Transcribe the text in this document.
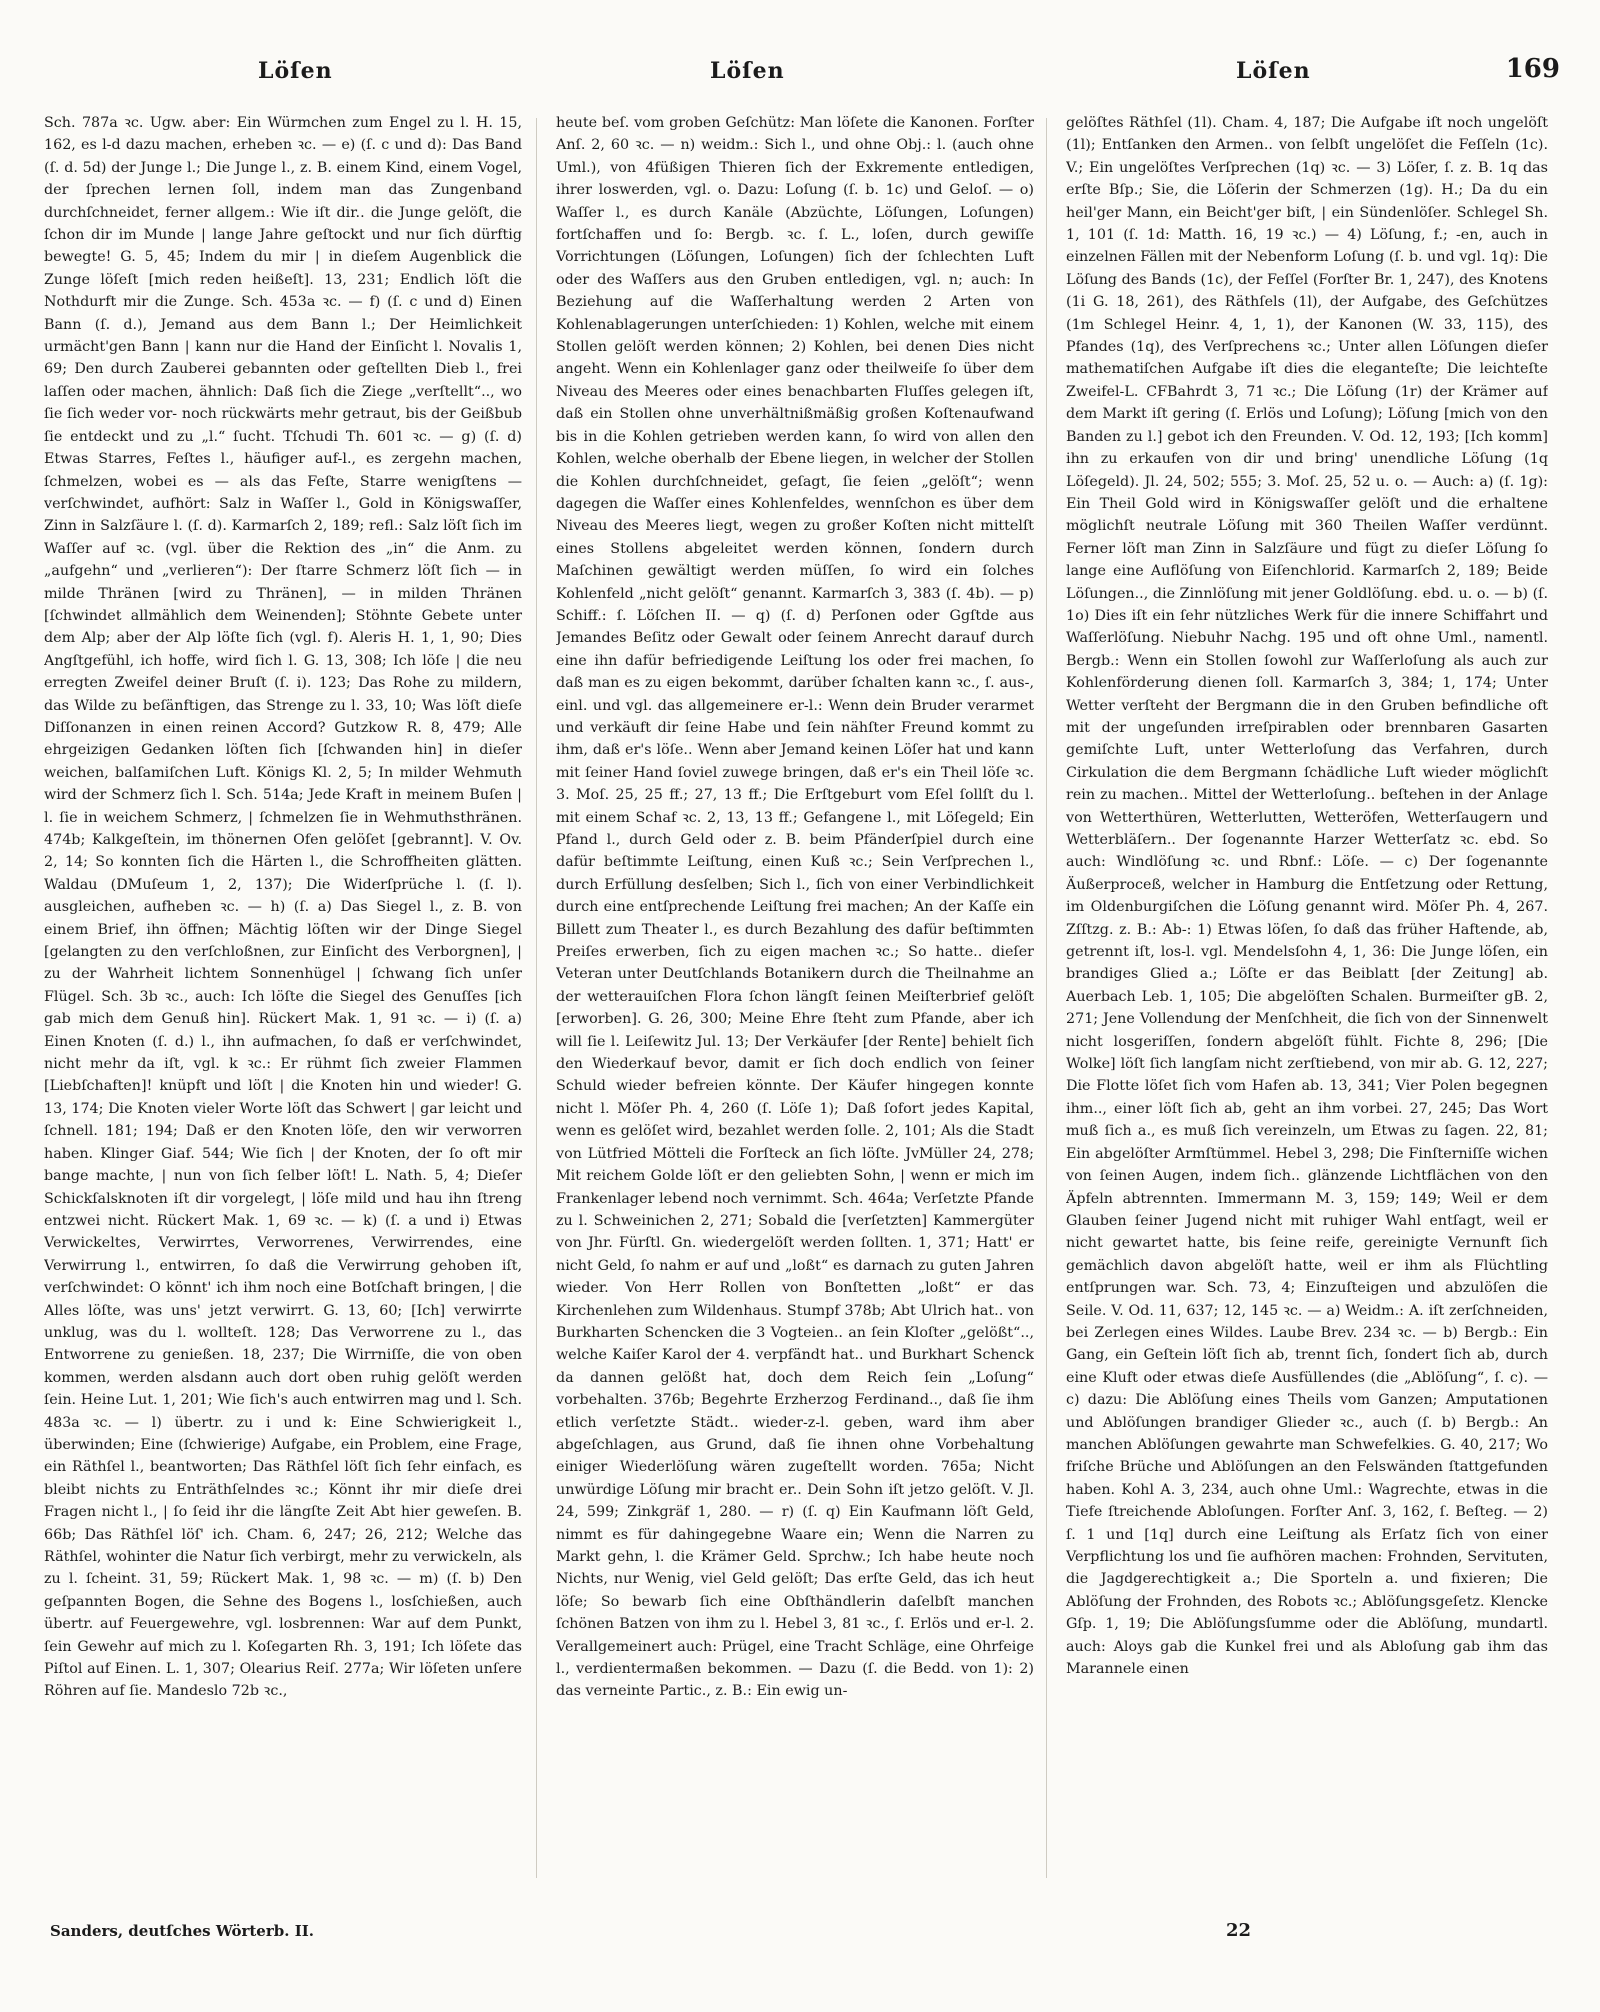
Löſen	Löſen	Löſen	169

Sch. 787a ꝛc. Ugw. aber: Ein Würmchen zum Engel zu l. H. 15, 162, es l-d dazu machen, erheben ꝛc. — e) (ſ. c und d): Das Band (ſ. d. 5d) der Junge l.; Die Junge l., z. B. einem Kind, einem Vogel, der ſprechen lernen ſoll, indem man das Zungenband durchſchneidet, ferner allgem.: Wie iſt dir.. die Junge gelöſt, die ſchon dir im Munde | lange Jahre geſtockt und nur ſich dürftig bewegte! G. 5, 45; Indem du mir | in dieſem Augenblick die Zunge löſeſt [mich reden heißeſt]. 13, 231; Endlich löſt die Nothdurft mir die Zunge. Sch. 453a ꝛc. — f) (ſ. c und d) Einen Bann (ſ. d.), Jemand aus dem Bann l.; Der Heimlichkeit urmächt'gen Bann | kann nur die Hand der Einſicht l. Novalis 1, 69; Den durch Zauberei gebannten oder geſtellten Dieb l., frei laſſen oder machen, ähnlich: Daß ſich die Ziege „verſtellt“.., wo ſie ſich weder vor- noch rückwärts mehr getraut, bis der Geißbub ſie entdeckt und zu „l.“ ſucht. Tſchudi Th. 601 ꝛc. — g) (ſ. d) Etwas Starres, Feſtes l., häufiger auf-l., es zergehn machen, ſchmelzen, wobei es — als das Feſte, Starre wenigſtens — verſchwindet, aufhört: Salz in Waſſer l., Gold in Königswaſſer, Zinn in Salzſäure l. (ſ. d). Karmarſch 2, 189; refl.: Salz löſt ſich im Waſſer auf ꝛc. (vgl. über die Rektion des „in“ die Anm. zu „aufgehn“ und „verlieren“): Der ſtarre Schmerz löſt ſich — in milde Thränen [wird zu Thränen], — in milden Thränen [ſchwindet allmählich dem Weinenden]; Stöhnte Gebete unter dem Alp; aber der Alp löſte ſich (vgl. f). Aleris H. 1, 1, 90; Dies Angſtgefühl, ich hoffe, wird ſich l. G. 13, 308; Ich löſe | die neu erregten Zweifel deiner Bruſt (ſ. i). 123; Das Rohe zu mildern, das Wilde zu beſänftigen, das Strenge zu l. 33, 10; Was löſt dieſe Diſſonanzen in einen reinen Accord? Gutzkow R. 8, 479; Alle ehrgeizigen Gedanken löſten ſich [ſchwanden hin] in dieſer weichen, balſamiſchen Luft. Königs Kl. 2, 5; In milder Wehmuth wird der Schmerz ſich l. Sch. 514a; Jede Kraft in meinem Buſen | l. ſie in weichem Schmerz, | ſchmelzen ſie in Wehmuthsthränen. 474b; Kalkgeſtein, im thönernen Ofen gelöſet [gebrannt]. V. Ov. 2, 14; So konnten ſich die Härten l., die Schroffheiten glätten. Waldau (DMuſeum 1, 2, 137); Die Widerſprüche l. (ſ. l). ausgleichen, aufheben ꝛc. — h) (ſ. a) Das Siegel l., z. B. von einem Brief, ihn öffnen; Mächtig löſten wir der Dinge Siegel [gelangten zu den verſchloßnen, zur Einſicht des Verborgnen], | zu der Wahrheit lichtem Sonnenhügel | ſchwang ſich unſer Flügel. Sch. 3b ꝛc., auch: Ich löſte die Siegel des Genuſſes [ich gab mich dem Genuß hin]. Rückert Mak. 1, 91 ꝛc. — i) (ſ. a) Einen Knoten (ſ. d.) l., ihn aufmachen, ſo daß er verſchwindet, nicht mehr da iſt, vgl. k ꝛc.: Er rühmt ſich zweier Flammen [Liebſchaften]! knüpft und löſt | die Knoten hin und wieder! G. 13, 174; Die Knoten vieler Worte löſt das Schwert | gar leicht und ſchnell. 181; 194; Daß er den Knoten löſe, den wir verworren haben. Klinger Giaf. 544; Wie ſich | der Knoten, der ſo oft mir bange machte, | nun von ſich ſelber löſt! L. Nath. 5, 4; Dieſer Schickſalsknoten iſt dir vorgelegt, | löſe mild und hau ihn ſtreng entzwei nicht. Rückert Mak. 1, 69 ꝛc. — k) (ſ. a und i) Etwas Verwickeltes, Verwirrtes, Verworrenes, Verwirrendes, eine Verwirrung l., entwirren, ſo daß die Verwirrung gehoben iſt, verſchwindet: O könnt' ich ihm noch eine Botſchaft bringen, | die Alles löſte, was uns' jetzt verwirrt. G. 13, 60; [Ich] verwirrte unklug, was du l. wollteſt. 128; Das Verworrene zu l., das Entworrene zu genießen. 18, 237; Die Wirrniſſe, die von oben kommen, werden alsdann auch dort oben ruhig gelöſt werden ſein. Heine Lut. 1, 201; Wie ſich's auch entwirren mag und l. Sch. 483a ꝛc. — l) übertr. zu i und k: Eine Schwierigkeit l., überwinden; Eine (ſchwierige) Aufgabe, ein Problem, eine Frage, ein Räthſel l., beantworten; Das Räthſel löſt ſich ſehr einfach, es bleibt nichts zu Enträthſelndes ꝛc.; Könnt ihr mir dieſe drei Fragen nicht l., | ſo ſeid ihr die längſte Zeit Abt hier geweſen. B. 66b; Das Räthſel löſ' ich. Cham. 6, 247; 26, 212; Welche das Räthſel, wohinter die Natur ſich verbirgt, mehr zu verwickeln, als zu l. ſcheint. 31, 59; Rückert Mak. 1, 98 ꝛc. — m) (ſ. b) Den geſpannten Bogen, die Sehne des Bogens l., losſchießen, auch übertr. auf Feuergewehre, vgl. losbrennen: War auf dem Punkt, ſein Gewehr auf mich zu l. Koſegarten Rh. 3, 191; Ich löſete das Piſtol auf Einen. L. 1, 307; Olearius Reiſ. 277a; Wir löſeten unſere Röhren auf ſie. Mandeslo 72b ꝛc.,

heute beſ. vom groben Geſchütz: Man löſete die Kanonen. Forſter Anſ. 2, 60 ꝛc. — n) weidm.: Sich l., und ohne Obj.: l. (auch ohne Uml.), von 4füßigen Thieren ſich der Exkremente entledigen, ihrer loswerden, vgl. o. Dazu: Loſung (ſ. b. 1c) und Geloſ. — o) Waſſer l., es durch Kanäle (Abzüchte, Löſungen, Loſungen) fortſchaffen und ſo: Bergb. ꝛc. ſ. L., loſen, durch gewiſſe Vorrichtungen (Löſungen, Loſungen) ſich der ſchlechten Luft oder des Waſſers aus den Gruben entledigen, vgl. n; auch: In Beziehung auf die Waſſerhaltung werden 2 Arten von Kohlenablagerungen unterſchieden: 1) Kohlen, welche mit einem Stollen gelöſt werden können; 2) Kohlen, bei denen Dies nicht angeht. Wenn ein Kohlenlager ganz oder theilweiſe ſo über dem Niveau des Meeres oder eines benachbarten Fluſſes gelegen iſt, daß ein Stollen ohne unverhältnißmäßig großen Koſtenaufwand bis in die Kohlen getrieben werden kann, ſo wird von allen den Kohlen, welche oberhalb der Ebene liegen, in welcher der Stollen die Kohlen durchſchneidet, geſagt, ſie ſeien „gelöſt“; wenn dagegen die Waſſer eines Kohlenfeldes, wennſchon es über dem Niveau des Meeres liegt, wegen zu großer Koſten nicht mittelſt eines Stollens abgeleitet werden können, ſondern durch Maſchinen gewältigt werden müſſen, ſo wird ein ſolches Kohlenfeld „nicht gelöſt“ genannt. Karmarſch 3, 383 (ſ. 4b). — p) Schiff.: ſ. Löſchen II. — q) (ſ. d) Perſonen oder Ggſtde aus Jemandes Beſitz oder Gewalt oder ſeinem Anrecht darauf durch eine ihn dafür befriedigende Leiſtung los oder frei machen, ſo daß man es zu eigen bekommt, darüber ſchalten kann ꝛc., ſ. aus-, einl. und vgl. das allgemeinere er-l.: Wenn dein Bruder verarmet und verkäuft dir ſeine Habe und ſein nähſter Freund kommt zu ihm, daß er's löſe.. Wenn aber Jemand keinen Löſer hat und kann mit ſeiner Hand ſoviel zuwege bringen, daß er's ein Theil löſe ꝛc. 3. Moſ. 25, 25 ff.; 27, 13 ff.; Die Erſtgeburt vom Eſel ſollſt du l. mit einem Schaf ꝛc. 2, 13, 13 ff.; Gefangene l., mit Löſegeld; Ein Pfand l., durch Geld oder z. B. beim Pfänderſpiel durch eine dafür beſtimmte Leiſtung, einen Kuß ꝛc.; Sein Verſprechen l., durch Erfüllung desſelben; Sich l., ſich von einer Verbindlichkeit durch eine entſprechende Leiſtung frei machen; An der Kaſſe ein Billett zum Theater l., es durch Bezahlung des dafür beſtimmten Preiſes erwerben, ſich zu eigen machen ꝛc.; So hatte.. dieſer Veteran unter Deutſchlands Botanikern durch die Theilnahme an der wetterauiſchen Flora ſchon längſt ſeinen Meiſterbrief gelöſt [erworben]. G. 26, 300; Meine Ehre ſteht zum Pfande, aber ich will ſie l. Leiſewitz Jul. 13; Der Verkäufer [der Rente] behielt ſich den Wiederkauf bevor, damit er ſich doch endlich von ſeiner Schuld wieder befreien könnte. Der Käufer hingegen konnte nicht l. Möſer Ph. 4, 260 (ſ. Löſe 1); Daß ſofort jedes Kapital, wenn es gelöſet wird, bezahlet werden ſolle. 2, 101; Als die Stadt von Lütfried Mötteli die Forſteck an ſich löſte. JvMüller 24, 278; Mit reichem Golde löſt er den geliebten Sohn, | wenn er mich im Frankenlager lebend noch vernimmt. Sch. 464a; Verſetzte Pfande zu l. Schweinichen 2, 271; Sobald die [verſetzten] Kammergüter von Jhr. Fürſtl. Gn. wiedergelöſt werden ſollten. 1, 371; Hatt' er nicht Geld, ſo nahm er auf und „loßt“ es darnach zu guten Jahren wieder. Von Herr Rollen von Bonſtetten „loßt“ er das Kirchenlehen zum Wildenhaus. Stumpf 378b; Abt Ulrich hat.. von Burkharten Schencken die 3 Vogteien.. an ſein Kloſter „gelößt“.., welche Kaiſer Karol der 4. verpfändt hat.. und Burkhart Schenck da dannen gelößt hat, doch dem Reich ſein „Loſung“ vorbehalten. 376b; Begehrte Erzherzog Ferdinand.., daß ſie ihm etlich verſetzte Städt.. wieder-z-l. geben, ward ihm aber abgeſchlagen, aus Grund, daß ſie ihnen ohne Vorbehaltung einiger Wiederlöſung wären zugeſtellt worden. 765a; Nicht unwürdige Löſung mir bracht er.. Dein Sohn iſt jetzo gelöſt. V. Jl. 24, 599; Zinkgräf 1, 280. — r) (ſ. q) Ein Kaufmann löſt Geld, nimmt es für dahingegebne Waare ein; Wenn die Narren zu Markt gehn, l. die Krämer Geld. Sprchw.; Ich habe heute noch Nichts, nur Wenig, viel Geld gelöſt; Das erſte Geld, das ich heut löſe; So bewarb ſich eine Obſthändlerin daſelbſt manchen ſchönen Batzen von ihm zu l. Hebel 3, 81 ꝛc., ſ. Erlös und er-l. 2. Verallgemeinert auch: Prügel, eine Tracht Schläge, eine Ohrfeige l., verdientermaßen bekommen. — Dazu (ſ. die Bedd. von 1): 2) das verneinte Partic., z. B.: Ein ewig un-

gelöſtes Räthſel (1l). Cham. 4, 187; Die Aufgabe iſt noch ungelöſt (1l); Entſanken den Armen.. von ſelbſt ungelöſet die Feſſeln (1c). V.; Ein ungelöſtes Verſprechen (1q) ꝛc. — 3) Löſer, ſ. z. B. 1q das erſte Bſp.; Sie, die Löſerin der Schmerzen (1g). H.; Da du ein heil'ger Mann, ein Beicht'ger biſt, | ein Sündenlöſer. Schlegel Sh. 1, 101 (ſ. 1d: Matth. 16, 19 ꝛc.) — 4) Löſung, f.; -en, auch in einzelnen Fällen mit der Nebenform Loſung (ſ. b. und vgl. 1q): Die Löſung des Bands (1c), der Feſſel (Forſter Br. 1, 247), des Knotens (1i G. 18, 261), des Räthſels (1l), der Aufgabe, des Geſchützes (1m Schlegel Heinr. 4, 1, 1), der Kanonen (W. 33, 115), des Pfandes (1q), des Verſprechens ꝛc.; Unter allen Löſungen dieſer mathematiſchen Aufgabe iſt dies die eleganteſte; Die leichteſte Zweifel-L. CFBahrdt 3, 71 ꝛc.; Die Löſung (1r) der Krämer auf dem Markt iſt gering (ſ. Erlös und Loſung); Löſung [mich von den Banden zu l.] gebot ich den Freunden. V. Od. 12, 193; [Ich komm] ihn zu erkaufen von dir und bring' unendliche Löſung (1q Löſegeld). Jl. 24, 502; 555; 3. Moſ. 25, 52 u. o. — Auch: a) (ſ. 1g): Ein Theil Gold wird in Königswaſſer gelöſt und die erhaltene möglichſt neutrale Löſung mit 360 Theilen Waſſer verdünnt. Ferner löſt man Zinn in Salzſäure und fügt zu dieſer Löſung ſo lange eine Auflöſung von Eiſenchlorid. Karmarſch 2, 189; Beide Löſungen.., die Zinnlöſung mit jener Goldlöſung. ebd. u. o. — b) (ſ. 1o) Dies iſt ein ſehr nützliches Werk für die innere Schiffahrt und Waſſerlöſung. Niebuhr Nachg. 195 und oft ohne Uml., namentl. Bergb.: Wenn ein Stollen ſowohl zur Waſſerloſung als auch zur Kohlenförderung dienen ſoll. Karmarſch 3, 384; 1, 174; Unter Wetter verſteht der Bergmann die in den Gruben befindliche oft mit der ungeſunden irreſpirablen oder brennbaren Gasarten gemiſchte Luft, unter Wetterloſung das Verfahren, durch Cirkulation die dem Bergmann ſchädliche Luft wieder möglichſt rein zu machen.. Mittel der Wetterloſung.. beſtehen in der Anlage von Wetterthüren, Wetterlutten, Wetteröfen, Wetterſaugern und Wetterbläſern.. Der ſogenannte Harzer Wetterſatz ꝛc. ebd. So auch: Windlöſung ꝛc. und Rbnf.: Löſe. — c) Der ſogenannte Äußerproceß, welcher in Hamburg die Entſetzung oder Rettung, im Oldenburgiſchen die Löſung genannt wird. Möſer Ph. 4, 267. Zſſtzg. z. B.: Ab-: 1) Etwas löſen, ſo daß das früher Haftende, ab, getrennt iſt, los-l. vgl. Mendelsſohn 4, 1, 36: Die Junge löſen, ein brandiges Glied a.; Löſte er das Beiblatt [der Zeitung] ab. Auerbach Leb. 1, 105; Die abgelöſten Schalen. Burmeiſter gB. 2, 271; Jene Vollendung der Menſchheit, die ſich von der Sinnenwelt nicht losgeriſſen, ſondern abgelöſt fühlt. Fichte 8, 296; [Die Wolke] löſt ſich langſam nicht zerſtiebend, von mir ab. G. 12, 227; Die Flotte löſet ſich vom Hafen ab. 13, 341; Vier Polen begegnen ihm.., einer löſt ſich ab, geht an ihm vorbei. 27, 245; Das Wort muß ſich a., es muß ſich vereinzeln, um Etwas zu ſagen. 22, 81; Ein abgelöſter Armſtümmel. Hebel 3, 298; Die Finſterniſſe wichen von ſeinen Augen, indem ſich.. glänzende Lichtflächen von den Äpfeln abtrennten. Immermann M. 3, 159; 149; Weil er dem Glauben ſeiner Jugend nicht mit ruhiger Wahl entſagt, weil er nicht gewartet hatte, bis ſeine reife, gereinigte Vernunft ſich gemächlich davon abgelöſt hatte, weil er ihm als Flüchtling entſprungen war. Sch. 73, 4; Einzuſteigen und abzulöſen die Seile. V. Od. 11, 637; 12, 145 ꝛc. — a) Weidm.: A. iſt zerſchneiden, bei Zerlegen eines Wildes. Laube Brev. 234 ꝛc. — b) Bergb.: Ein Gang, ein Geſtein löſt ſich ab, trennt ſich, ſondert ſich ab, durch eine Kluft oder etwas dieſe Ausfüllendes (die „Ablöſung“, ſ. c). — c) dazu: Die Ablöſung eines Theils vom Ganzen; Amputationen und Ablöſungen brandiger Glieder ꝛc., auch (ſ. b) Bergb.: An manchen Ablöſungen gewahrte man Schwefelkies. G. 40, 217; Wo friſche Brüche und Ablöſungen an den Felswänden ſtattgefunden haben. Kohl A. 3, 234, auch ohne Uml.: Wagrechte, etwas in die Tiefe ſtreichende Abloſungen. Forſter Anſ. 3, 162, ſ. Beſteg. — 2) ſ. 1 und [1q] durch eine Leiſtung als Erſatz ſich von einer Verpflichtung los und ſie aufhören machen: Frohnden, Servituten, die Jagdgerechtigkeit a.; Die Sporteln a. und fixieren; Die Ablöſung der Frohnden, des Robots ꝛc.; Ablöſungsgeſetz. Klencke Gſp. 1, 19; Die Ablöſungsſumme oder die Ablöſung, mundartl. auch: Aloys gab die Kunkel frei und als Abloſung gab ihm das Marannele einen

Sanders, deutſches Wörterb. II.	22
